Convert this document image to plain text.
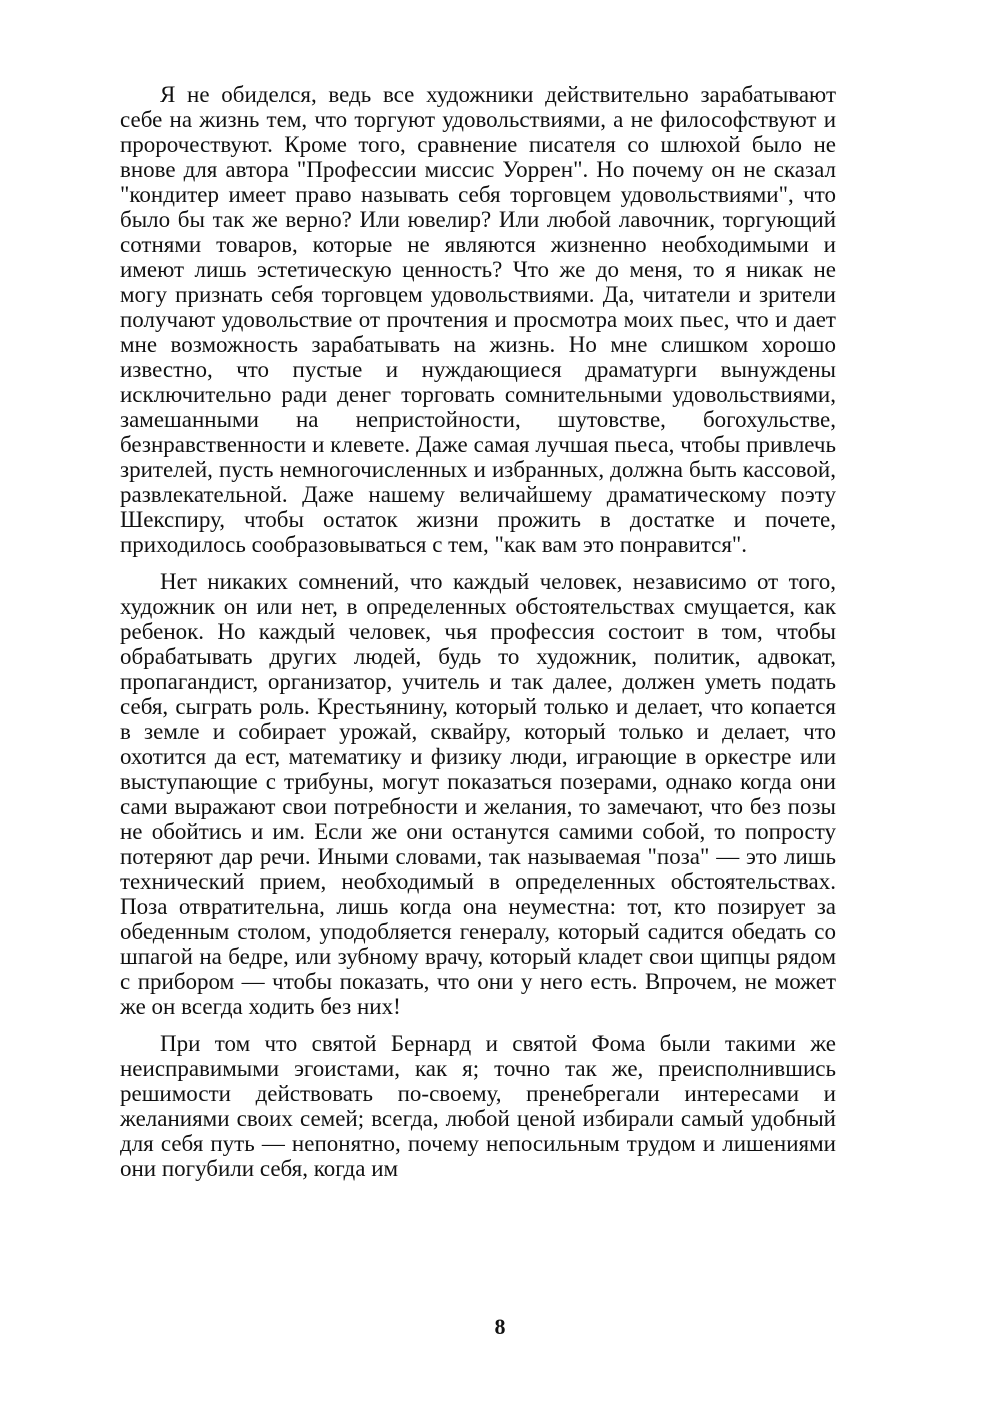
Я не обиделся, ведь все художники действительно зарабатывают себе на жизнь тем, что торгуют удовольствиями, а не философствуют и пророчествуют. Кроме того, сравнение писателя со шлюхой было не внове для автора "Профессии миссис Уоррен". Но почему он не сказал "кондитер имеет право называть себя торговцем удовольствиями", что было бы так же верно? Или ювелир? Или любой лавочник, торгующий сотнями товаров, которые не являются жизненно необходимыми и имеют лишь эстетическую ценность? Что же до меня, то я никак не могу признать себя торговцем удовольствиями. Да, читатели и зрители получают удовольствие от прочтения и просмотра моих пьес, что и дает мне возможность зарабатывать на жизнь. Но мне слишком хорошо известно, что пустые и нуждающиеся драматурги вынуждены исключительно ради денег торговать сомнительными удовольствиями, замешанными на непристойности, шутовстве, богохульстве, безнравственности и клевете. Даже самая лучшая пьеса, чтобы привлечь зрителей, пусть немногочисленных и избранных, должна быть кассовой, развлекательной. Даже нашему величайшему драматическому поэту Шекспиру, чтобы остаток жизни прожить в достатке и почете, приходилось сообразовываться с тем, "как вам это понравится".

Нет никаких сомнений, что каждый человек, независимо от того, художник он или нет, в определенных обстоятельствах смущается, как ребенок. Но каждый человек, чья профессия состоит в том, чтобы обрабатывать других людей, будь то художник, политик, адвокат, пропагандист, организатор, учитель и так далее, должен уметь подать себя, сыграть роль. Крестьянину, который только и делает, что копается в земле и собирает урожай, сквайру, который только и делает, что охотится да ест, математику и физику люди, играющие в оркестре или выступающие с трибуны, могут показаться позерами, однако когда они сами выражают свои потребности и желания, то замечают, что без позы не обойтись и им. Если же они останутся самими собой, то попросту потеряют дар речи. Иными словами, так называемая "поза" — это лишь технический прием, необходимый в определенных обстоятельствах. Поза отвратительна, лишь когда она неуместна: тот, кто позирует за обеденным столом, уподобляется генералу, который садится обедать со шпагой на бедре, или зубному врачу, который кладет свои щипцы рядом с прибором — чтобы показать, что они у него есть. Впрочем, не может же он всегда ходить без них!

При том что святой Бернард и святой Фома были такими же неисправимыми эгоистами, как я; точно так же, преисполнившись решимости действовать по-своему, пренебрегали интересами и желаниями своих семей; всегда, любой ценой избирали самый удобный для себя путь — непонятно, почему непосильным трудом и лишениями они погубили себя, когда им

8
